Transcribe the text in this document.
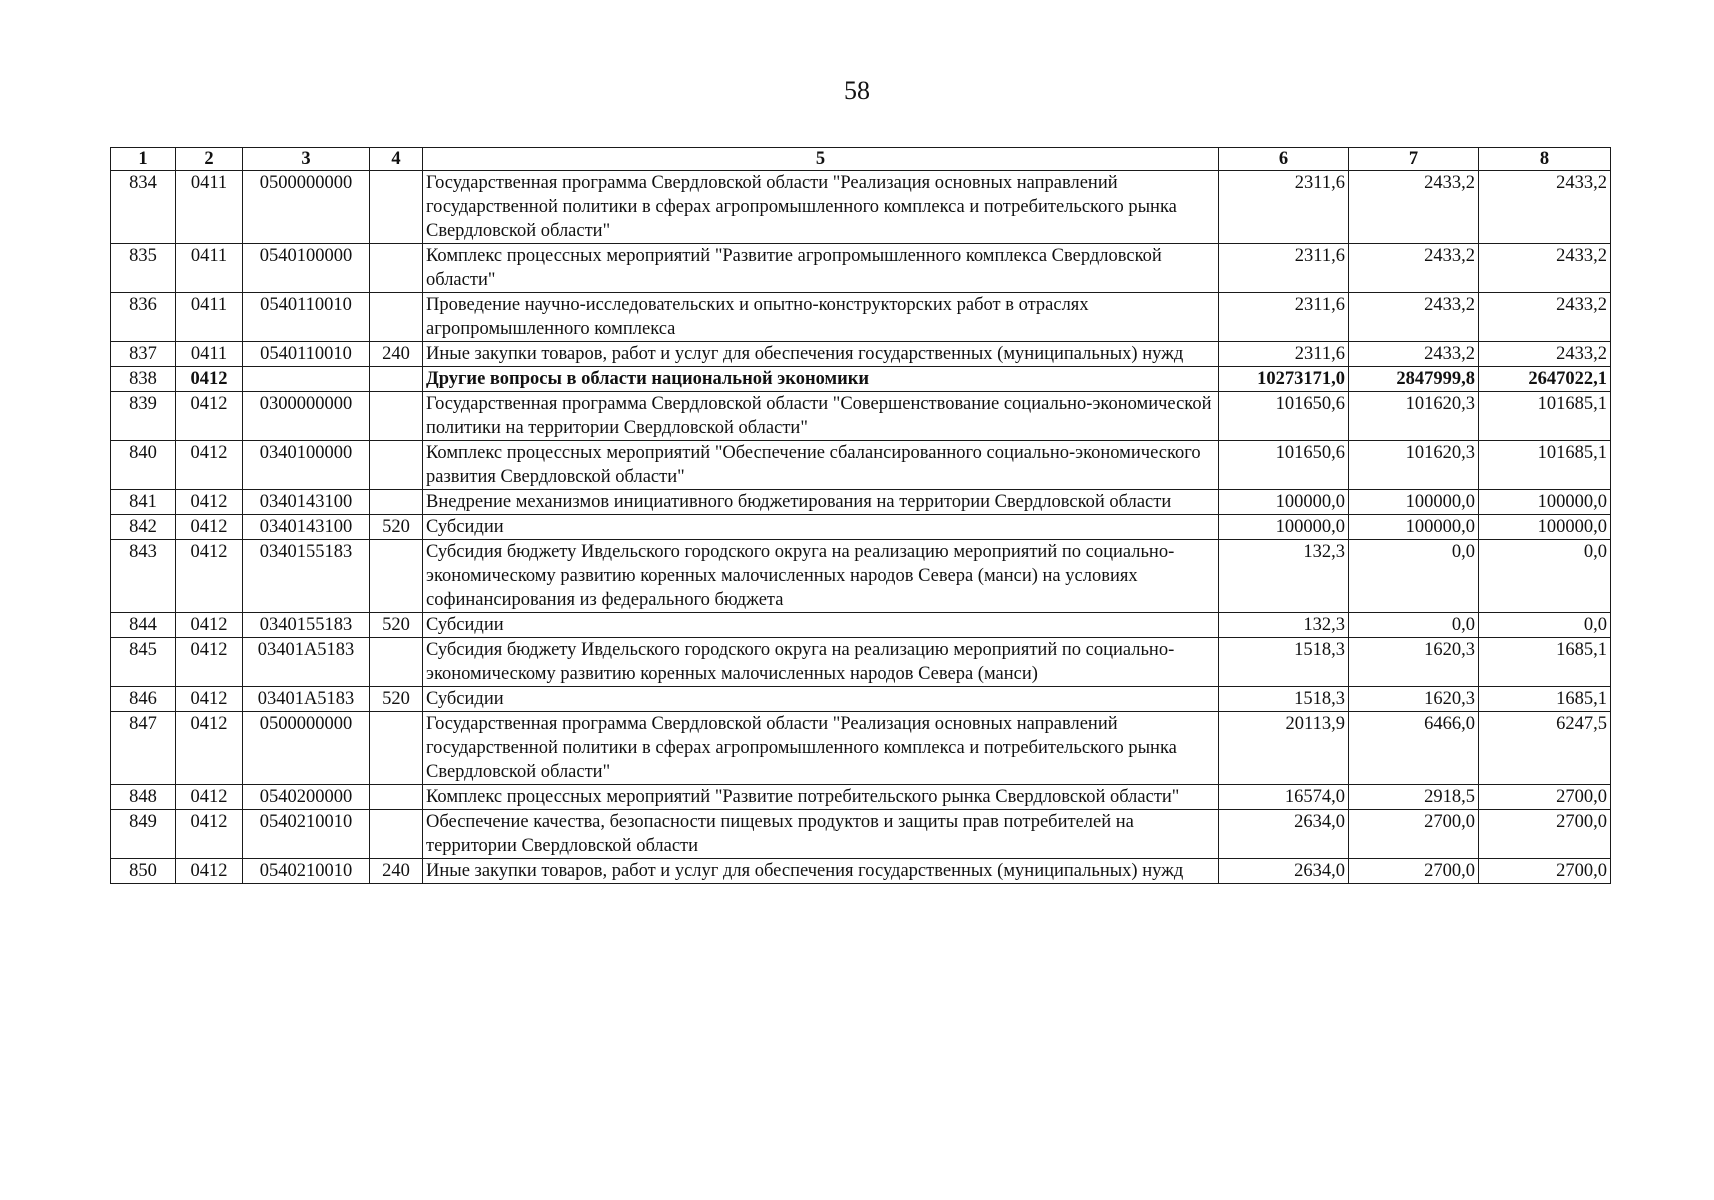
58
1	2	3	4	5	6	7	8
834	0411	0500000000		Государственная программа Свердловской области "Реализация основных направлений государственной политики в сферах агропромышленного комплекса и потребительского рынка Свердловской области"	2311,6	2433,2	2433,2
835	0411	0540100000		Комплекс процессных мероприятий "Развитие агропромышленного комплекса Свердловской области"	2311,6	2433,2	2433,2
836	0411	0540110010		Проведение научно-исследовательских и опытно-конструкторских работ в отраслях агропромышленного комплекса	2311,6	2433,2	2433,2
837	0411	0540110010	240	Иные закупки товаров, работ и услуг для обеспечения государственных (муниципальных) нужд	2311,6	2433,2	2433,2
838	0412			Другие вопросы в области национальной экономики	10273171,0	2847999,8	2647022,1
839	0412	0300000000		Государственная программа Свердловской области "Совершенствование социально-экономической политики на территории Свердловской области"	101650,6	101620,3	101685,1
840	0412	0340100000		Комплекс процессных мероприятий "Обеспечение сбалансированного социально-экономического развития Свердловской области"	101650,6	101620,3	101685,1
841	0412	0340143100		Внедрение механизмов инициативного бюджетирования на территории Свердловской области	100000,0	100000,0	100000,0
842	0412	0340143100	520	Субсидии	100000,0	100000,0	100000,0
843	0412	0340155183		Субсидия бюджету Ивдельского городского округа на реализацию мероприятий по социально-экономическому развитию коренных малочисленных народов Севера (манси) на условиях софинансирования из федерального бюджета	132,3	0,0	0,0
844	0412	0340155183	520	Субсидии	132,3	0,0	0,0
845	0412	03401A5183		Субсидия бюджету Ивдельского городского округа на реализацию мероприятий по социально-экономическому развитию коренных малочисленных народов Севера (манси)	1518,3	1620,3	1685,1
846	0412	03401A5183	520	Субсидии	1518,3	1620,3	1685,1
847	0412	0500000000		Государственная программа Свердловской области "Реализация основных направлений государственной политики в сферах агропромышленного комплекса и потребительского рынка Свердловской области"	20113,9	6466,0	6247,5
848	0412	0540200000		Комплекс процессных мероприятий "Развитие потребительского рынка Свердловской области"	16574,0	2918,5	2700,0
849	0412	0540210010		Обеспечение качества, безопасности пищевых продуктов и защиты прав потребителей на территории Свердловской области	2634,0	2700,0	2700,0
850	0412	0540210010	240	Иные закупки товаров, работ и услуг для обеспечения государственных (муниципальных) нужд	2634,0	2700,0	2700,0
